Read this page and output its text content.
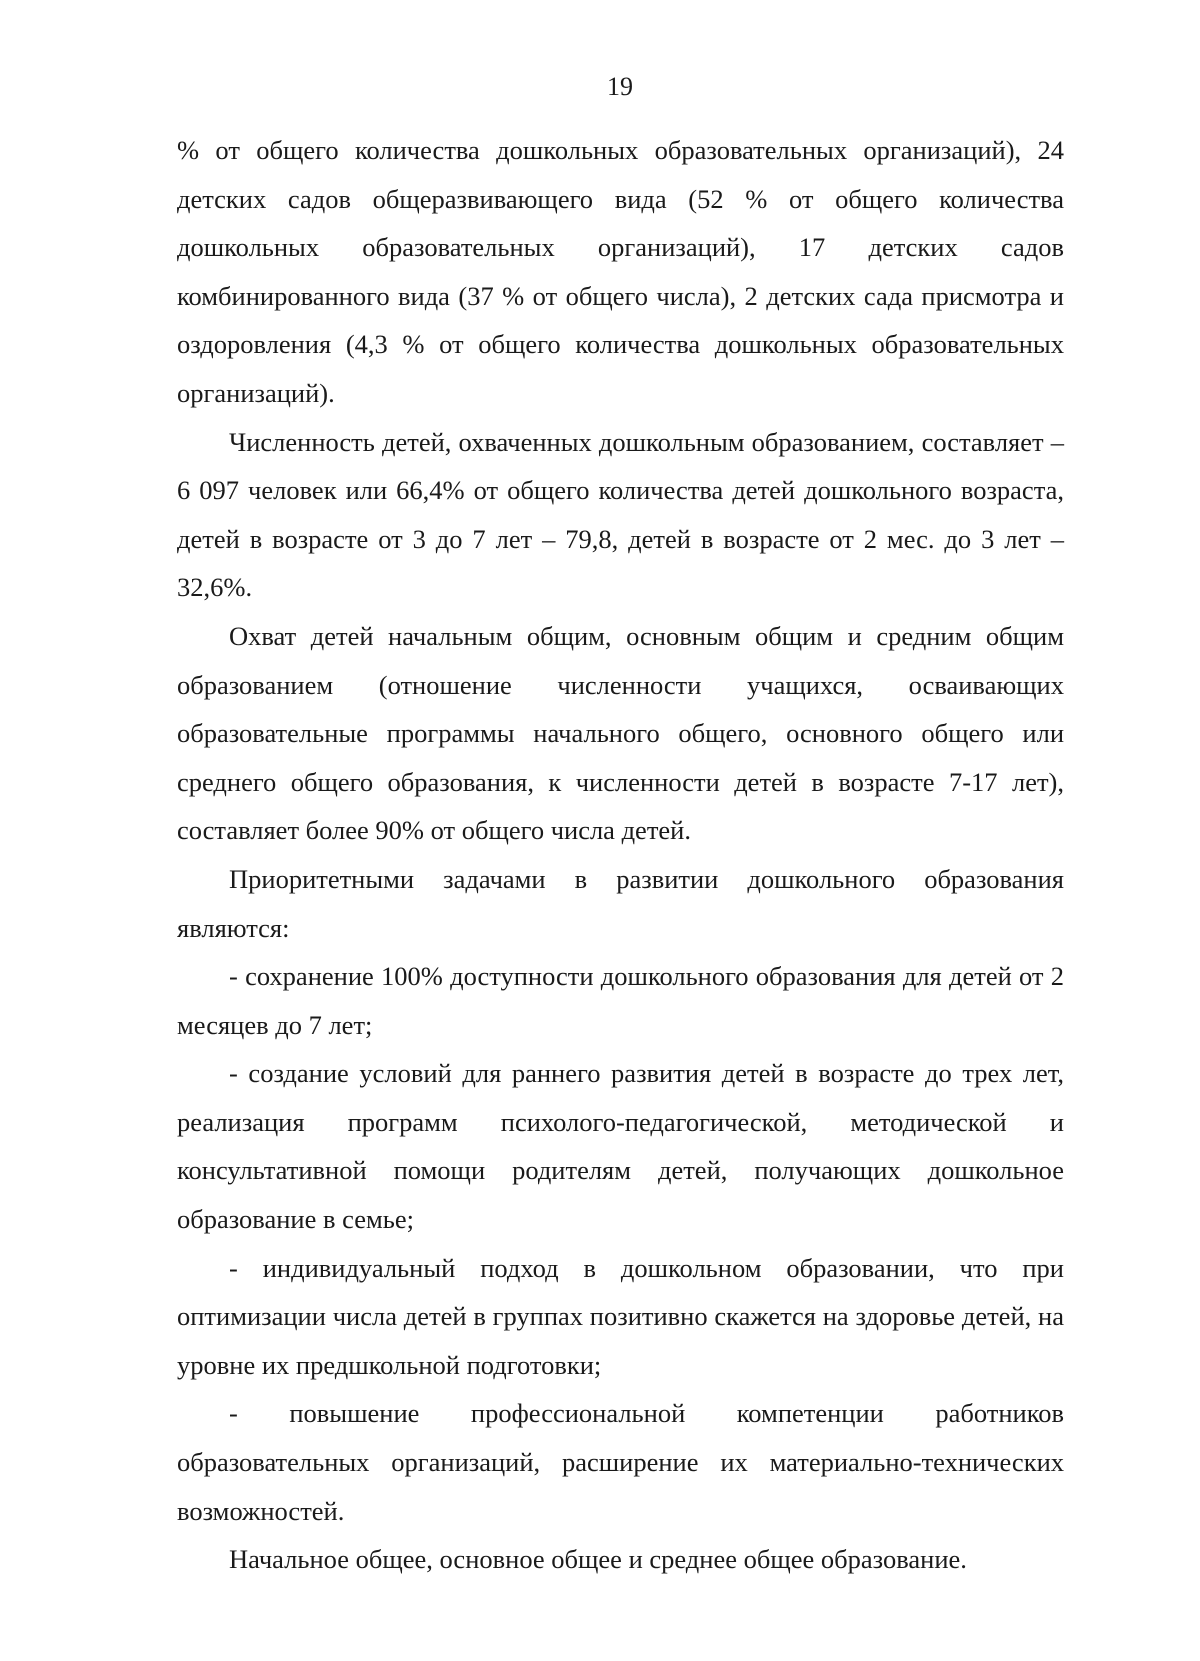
19

% от общего количества дошкольных образовательных организаций), 24 детских садов общеразвивающего вида (52 % от общего количества дошкольных образовательных организаций), 17 детских садов комбинированного вида (37 % от общего числа), 2 детских сада присмотра и оздоровления (4,3 % от общего количества дошкольных образовательных организаций).

Численность детей, охваченных дошкольным образованием, составляет – 6 097 человек или 66,4% от общего количества детей дошкольного возраста, детей в возрасте от 3 до 7 лет – 79,8, детей в возрасте от 2 мес. до 3 лет – 32,6%.

Охват детей начальным общим, основным общим и средним общим образованием (отношение численности учащихся, осваивающих образовательные программы начального общего, основного общего или среднего общего образования, к численности детей в возрасте 7-17 лет), составляет более 90% от общего числа детей.

Приоритетными задачами в развитии дошкольного образования являются:

- сохранение 100% доступности дошкольного образования для детей от 2 месяцев до 7 лет;

- создание условий для раннего развития детей в возрасте до трех лет, реализация программ психолого-педагогической, методической и консультативной помощи родителям детей, получающих дошкольное образование в семье;

- индивидуальный подход в дошкольном образовании, что при оптимизации числа детей в группах позитивно скажется на здоровье детей, на уровне их предшкольной подготовки;

- повышение профессиональной компетенции работников образовательных организаций, расширение их материально-технических возможностей.

Начальное общее, основное общее и среднее общее образование.
